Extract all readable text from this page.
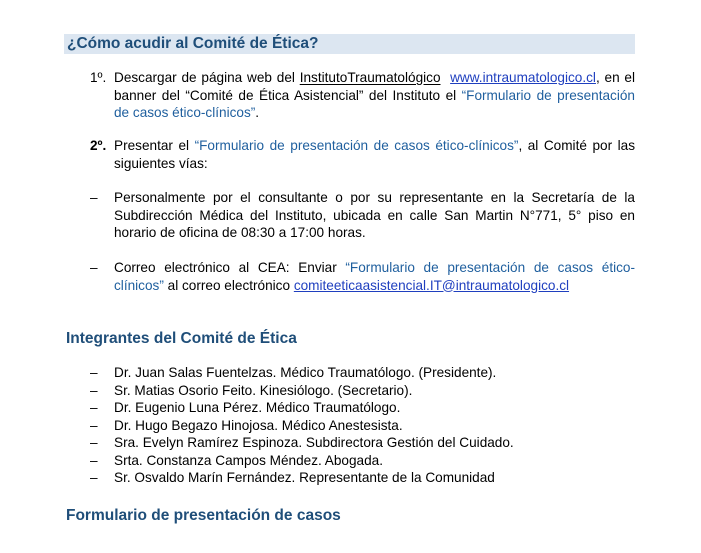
¿Cómo acudir al Comité de Ética?
1º. Descargar de página web del InstitutoTraumatológico www.intraumatologico.cl, en el banner del “Comité de Ética Asistencial” del Instituto el “Formulario de presentación de casos ético-clínicos”.
2º. Presentar el “Formulario de presentación de casos ético-clínicos”, al Comité por las siguientes vías:
– Personalmente por el consultante o por su representante en la Secretaría de la Subdirección Médica del Instituto, ubicada en calle San Martin N°771, 5° piso en horario de oficina de 08:30 a 17:00 horas.
– Correo electrónico al CEA: Enviar “Formulario de presentación de casos ético-clínicos” al correo electrónico comiteeticaasistencial.IT@intraumatologico.cl
Integrantes del Comité de Ética
– Dr. Juan Salas Fuentelzas. Médico Traumatólogo. (Presidente).
– Sr. Matias Osorio Feito. Kinesiólogo. (Secretario).
– Dr. Eugenio Luna Pérez. Médico Traumatólogo.
– Dr. Hugo Begazo Hinojosa. Médico Anestesista.
– Sra. Evelyn Ramírez Espinoza. Subdirectora Gestión del Cuidado.
– Srta. Constanza Campos Méndez. Abogada.
– Sr. Osvaldo Marín Fernández. Representante de la Comunidad
Formulario de presentación de casos
